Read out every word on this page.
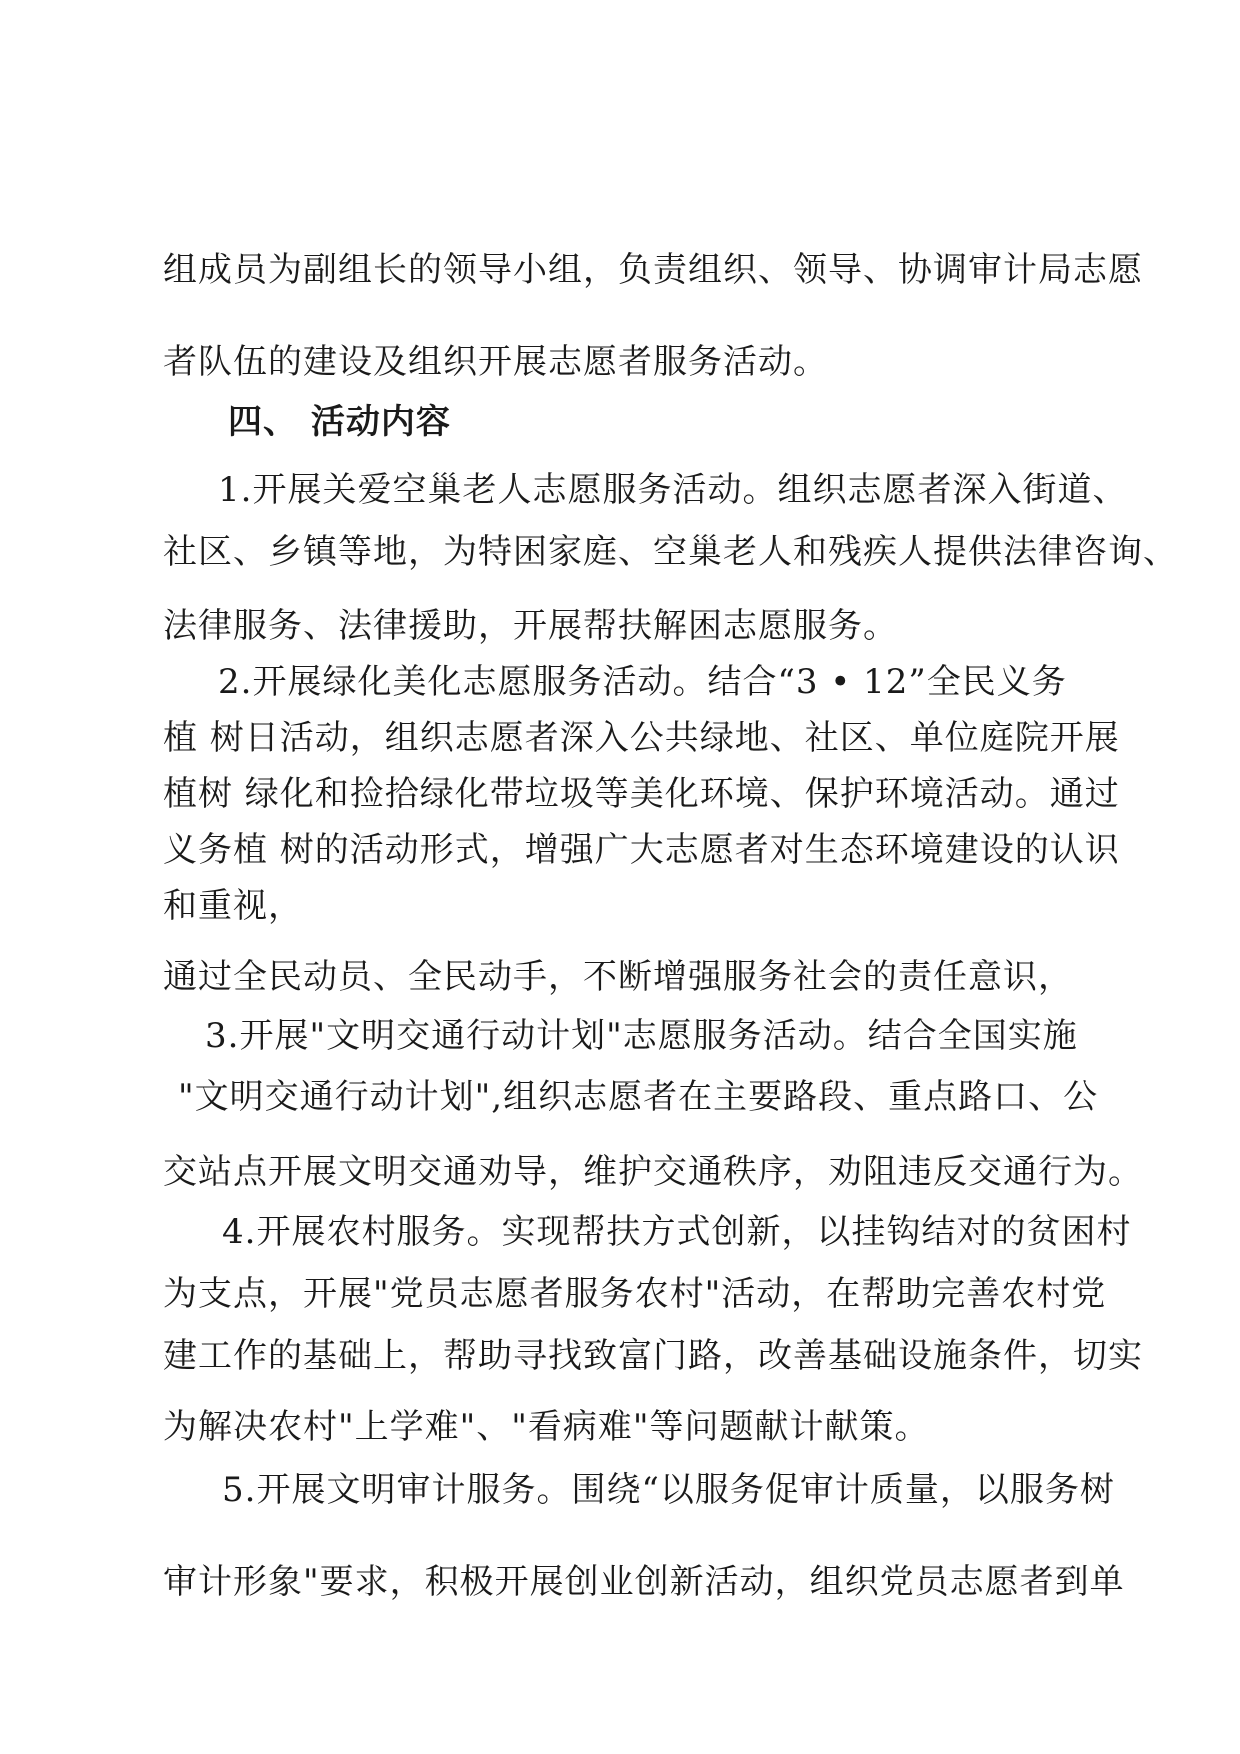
组成员为副组长的领导小组，负责组织、领导、协调审计局志愿
者队伍的建设及组织开展志愿者服务活动。
四、 活动内容
1.开展关爱空巢老人志愿服务活动。组织志愿者深入街道、
社区、乡镇等地，为特困家庭、空巢老人和残疾人提供法律咨询、
法律服务、法律援助，开展帮扶解困志愿服务。
2.开展绿化美化志愿服务活动。结合“3 • 12”全民义务
植 树日活动，组织志愿者深入公共绿地、社区、单位庭院开展
植树 绿化和捡拾绿化带垃圾等美化环境、保护环境活动。通过
义务植 树的活动形式，增强广大志愿者对生态环境建设的认识
和重视，
通过全民动员、全民动手，不断增强服务社会的责任意识，
3.开展"文明交通行动计划"志愿服务活动。结合全国实施
"文明交通行动计划",组织志愿者在主要路段、重点路口、公
交站点开展文明交通劝导，维护交通秩序，劝阻违反交通行为。
4.开展农村服务。实现帮扶方式创新，以挂钩结对的贫困村
为支点，开展"党员志愿者服务农村"活动，在帮助完善农村党
建工作的基础上，帮助寻找致富门路，改善基础设施条件，切实
为解决农村"上学难"、"看病难"等问题献计献策。
5.开展文明审计服务。围绕“以服务促审计质量，以服务树
审计形象"要求，积极开展创业创新活动，组织党员志愿者到单
